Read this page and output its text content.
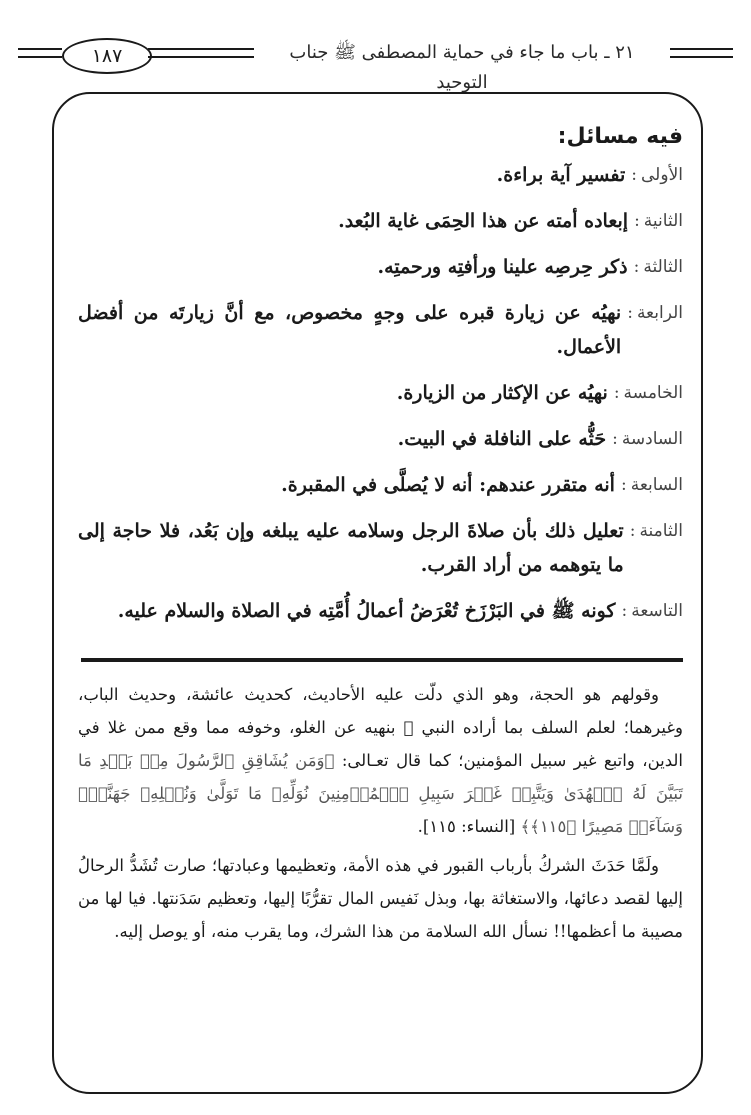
١٨٧	٢١ ـ باب ما جاء في حماية المصطفى ﷺ جناب التوحيد
فيه مسائل:
الأولى
:
تفسير آية براءة.
الثانية
:
إبعاده أمته عن هذا الحِمَى غاية البُعد.
الثالثة
:
ذكر حِرصِه علينا ورأفتِه ورحمتِه.
الرابعة
:
نهيُه عن زيارة قبره على وجهٍ مخصوص، مع أنَّ زيارتَه من أفضل الأعمال.
الخامسة
:
نهيُه عن الإكثار من الزيارة.
السادسة
:
حَثُّه على النافلة في البيت.
السابعة
:
أنه متقرر عندهم: أنه لا يُصلَّى في المقبرة.
الثامنة
:
تعليل ذلك بأن صلاةَ الرجل وسلامه عليه يبلغه وإن بَعُد، فلا حاجة إلى ما يتوهمه من أراد القرب.
التاسعة
:
كونه ﷺ في البَرْزَخ تُعْرَضُ أعمالُ أُمَّتِه في الصلاة والسلام عليه.

وقولهم هو الحجة، وهو الذي دلّت عليه الأحاديث، كحديث عائشة، وحديث الباب، وغيرهما؛ لعلم السلف بما أراده النبي ﷺ بنهيه عن الغلو، وخوفه مما وقع ممن غلا في الدين، واتبع غير سبيل المؤمنين؛ كما قال تعـالى: ﴿وَمَن يُشَاقِقِ ٱلرَّسُولَ مِنۢ بَعۡدِ مَا تَبَيَّنَ لَهُ ٱلۡهُدَىٰ وَيَتَّبِعۡ غَيۡرَ سَبِيلِ ٱلۡمُؤۡمِنِينَ نُوَلِّهِۦ مَا تَوَلَّىٰ وَنُصۡلِهِۦ جَهَنَّمَۖ وَسَآءَتۡ مَصِيرًا ﴿١١٥﴾﴾ [النساء: ١١٥].

ولَمَّا حَدَثَ الشركُ بأرباب القبور في هذه الأمة، وتعظيمها وعبادتها؛ صارت تُشَدُّ الرحالُ إليها لقصد دعائها، والاستغاثة بها، وبذل نَفيس المال تقرُّبًا إليها، وتعظيم سَدَنتها. فيا لها من مصيبة ما أعظمها!! نسأل الله السلامة من هذا الشرك، وما يقرب منه، أو يوصل إليه.
